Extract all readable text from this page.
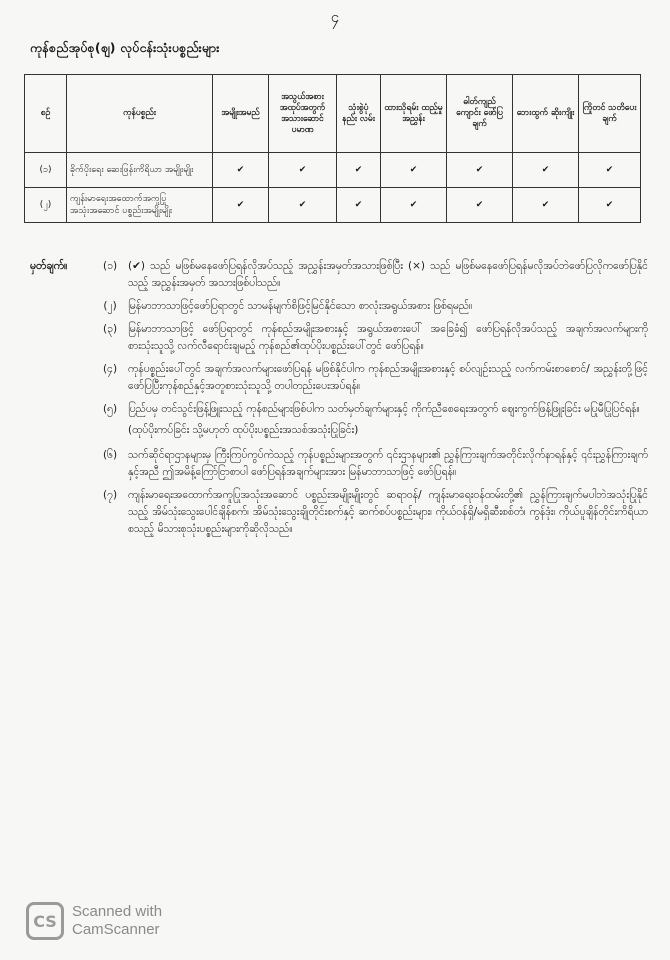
၄
ကုန်စည်အုပ်စု(ဈ) လုပ်ငန်းသုံးပစ္စည်းများ
စဉ်	ကုန်ပစ္စည်း	အမျိုးအမည်	အသွယ်အစား အထုပ်အတွက် အသားဆောင် ပမာဏ	သုံးစွဲပုံ နည်း လမ်း	ထားသိုရမ်း ထည့်မှု အညွှန်း	ဓါတ်ကျည် ကျောင်း ဖော်ပြချက်	ဘေးထွက် ဆိုးကျိုး	ကြိုတင် သတိပေး ချက်
(၁)	ခိုက်ပိုးရေး ဆေးဖြန်းကိရိယာ အမျိုးမျိုး	✔	✔	✔	✔	✔	✔	✔
(၂)	ကျန်းမာရေးအထောက်အကူပြု အသုံးအဆောင် ပစ္စည်းအမျိုးမျိုး	✔	✔	✔	✔	✔	✔	✔
မှတ်ချက်။	(၁)	(✔) သည် မဖြစ်မနေဖော်ပြရန်လိုအပ်သည့် အညွှန်းအမှတ်အသားဖြစ်ပြီး (×) သည် မဖြစ်မနေဖော်ပြရန်မလိုအပ်ဘဲဖော်ပြလိုကဖော်ပြနိုင်သည့် အညွှန်းအမှတ် အသားဖြစ်ပါသည်။
(၂)	မြန်မာဘာသာဖြင့်ဖော်ပြရာတွင် သာမန်မျက်စိဖြင့်မြင်နိုင်သော စာလုံးအရွယ်အစား ဖြစ်ရမည်။
(၃)	မြန်မာဘာသာဖြင့် ဖော်ပြရာတွင် ကုန်စည်အမျိုးအစားနှင့် အရွယ်အစားပေါ် အခြေခံ၍ ဖော်ပြရန်လိုအပ်သည့် အချက်အလက်များကိုစားသုံးသူသို့ လက်လီရောင်းချမည့် ကုန်စည်၏ထုပ်ပိုးပစ္စည်းပေါ်တွင် ဖော်ပြရန်။
(၄)	ကုန်ပစ္စည်းပေါ်တွင် အချက်အလက်များဖော်ပြရန် မဖြစ်နိုင်ပါက ကုန်စည်အမျိုးအစားနှင့် စပ်လျဉ်းသည့် လက်ကမ်းစာစောင်/ အညွှန်းတို့ဖြင့် ဖော်ပြပြီးကုန်စည်နှင့်အတူစားသုံးသူသို့ တပါတည်းပေးအပ်ရန်။
(၅)	ပြည်ပမှ တင်သွင်းဖြန့်ဖြူးသည့် ကုန်စည်များဖြစ်ပါက သတ်မှတ်ချက်များနှင့် ကိုက်ညီစေရေးအတွက် ဈေးကွက်ဖြန့်ဖြူးခြင်း မပြုမီပြုပြင်ရန်။
(ထုပ်ပိုးကပ်ခြင်း သို့မဟုတ် ထုပ်ပိုးပစ္စည်းအသစ်အသုံးပြုခြင်း)
(၆)	သက်ဆိုင်ရာဌာနများမှ ကြီးကြပ်ကွပ်ကဲသည့် ကုန်ပစ္စည်းများအတွက် ၎င်းဌာနများ၏ ညွှန်ကြားချက်အတိုင်းလိုက်နာရန်နှင့် ၎င်းညွှန်ကြားချက်နှင့်အညီ ဤအမိန့်ကြော်ငြာစာပါ ဖော်ပြရန်အချက်များအား မြန်မာဘာသာဖြင့် ဖော်ပြရန်။
(၇)	ကျန်းမာရေးအထောက်အကူပြုအသုံးအဆောင် ပစ္စည်းအမျိုးမျိုးတွင် ဆရာဝန်/ ကျန်းမာရေးဝန်ထမ်းတို့၏ ညွှန်ကြားချက်မပါဘဲအသုံးပြုနိုင်သည့် အိမ်သုံးသွေးပေါင်ချိန်စက်၊ အိမ်သုံးသွေးချိုတိုင်းစက်နှင့် ဆက်စပ်ပစ္စည်းများ၊ ကိုယ်ဝန်ရှိ/မရှိဆီးစစ်တံ၊ ကွန်ဒုံး၊ ကိုယ်ပူချိန်တိုင်းကိရိယာစသည့် မိသားစုသုံးပစ္စည်းများကိုဆိုလိုသည်။
CS	Scanned with
CamScanner
